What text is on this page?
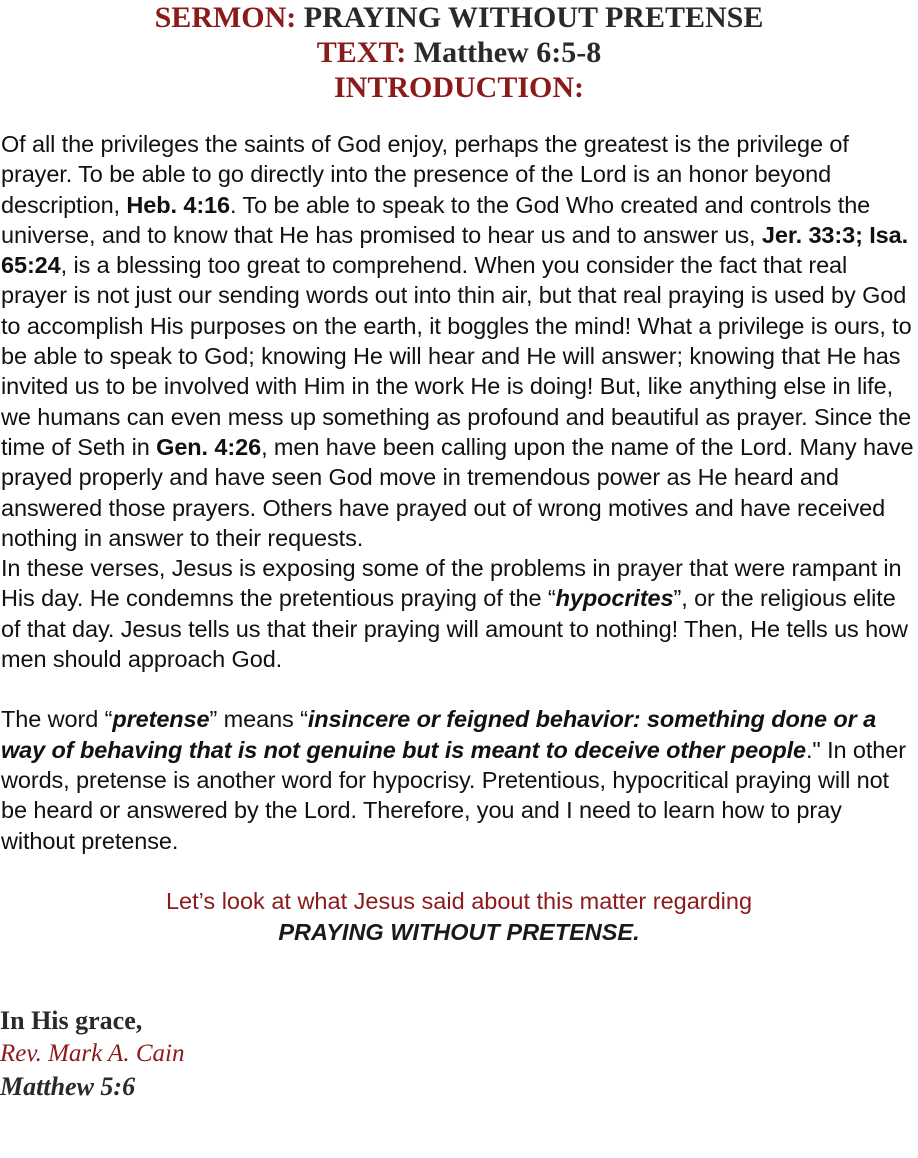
SERMON: PRAYING WITHOUT PRETENSE
TEXT: Matthew 6:5-8
INTRODUCTION:

Of all the privileges the saints of God enjoy, perhaps the greatest is the privilege of prayer. To be able to go directly into the presence of the Lord is an honor beyond description, Heb. 4:16. To be able to speak to the God Who created and controls the universe, and to know that He has promised to hear us and to answer us, Jer. 33:3; Isa. 65:24, is a blessing too great to comprehend. When you consider the fact that real prayer is not just our sending words out into thin air, but that real praying is used by God to accomplish His purposes on the earth, it boggles the mind! What a privilege is ours, to be able to speak to God; knowing He will hear and He will answer; knowing that He has invited us to be involved with Him in the work He is doing! But, like anything else in life, we humans can even mess up something as profound and beautiful as prayer. Since the time of Seth in Gen. 4:26, men have been calling upon the name of the Lord. Many have prayed properly and have seen God move in tremendous power as He heard and answered those prayers. Others have prayed out of wrong motives and have received nothing in answer to their requests.

In these verses, Jesus is exposing some of the problems in prayer that were rampant in His day. He condemns the pretentious praying of the “hypocrites”, or the religious elite of that day. Jesus tells us that their praying will amount to nothing! Then, He tells us how men should approach God.

The word “pretense” means “insincere or feigned behavior: something done or a way of behaving that is not genuine but is meant to deceive other people." In other words, pretense is another word for hypocrisy. Pretentious, hypocritical praying will not be heard or answered by the Lord. Therefore, you and I need to learn how to pray without pretense.

Let’s look at what Jesus said about this matter regarding
PRAYING WITHOUT PRETENSE.
In His grace,
Rev. Mark A. Cain
Matthew 5:6
